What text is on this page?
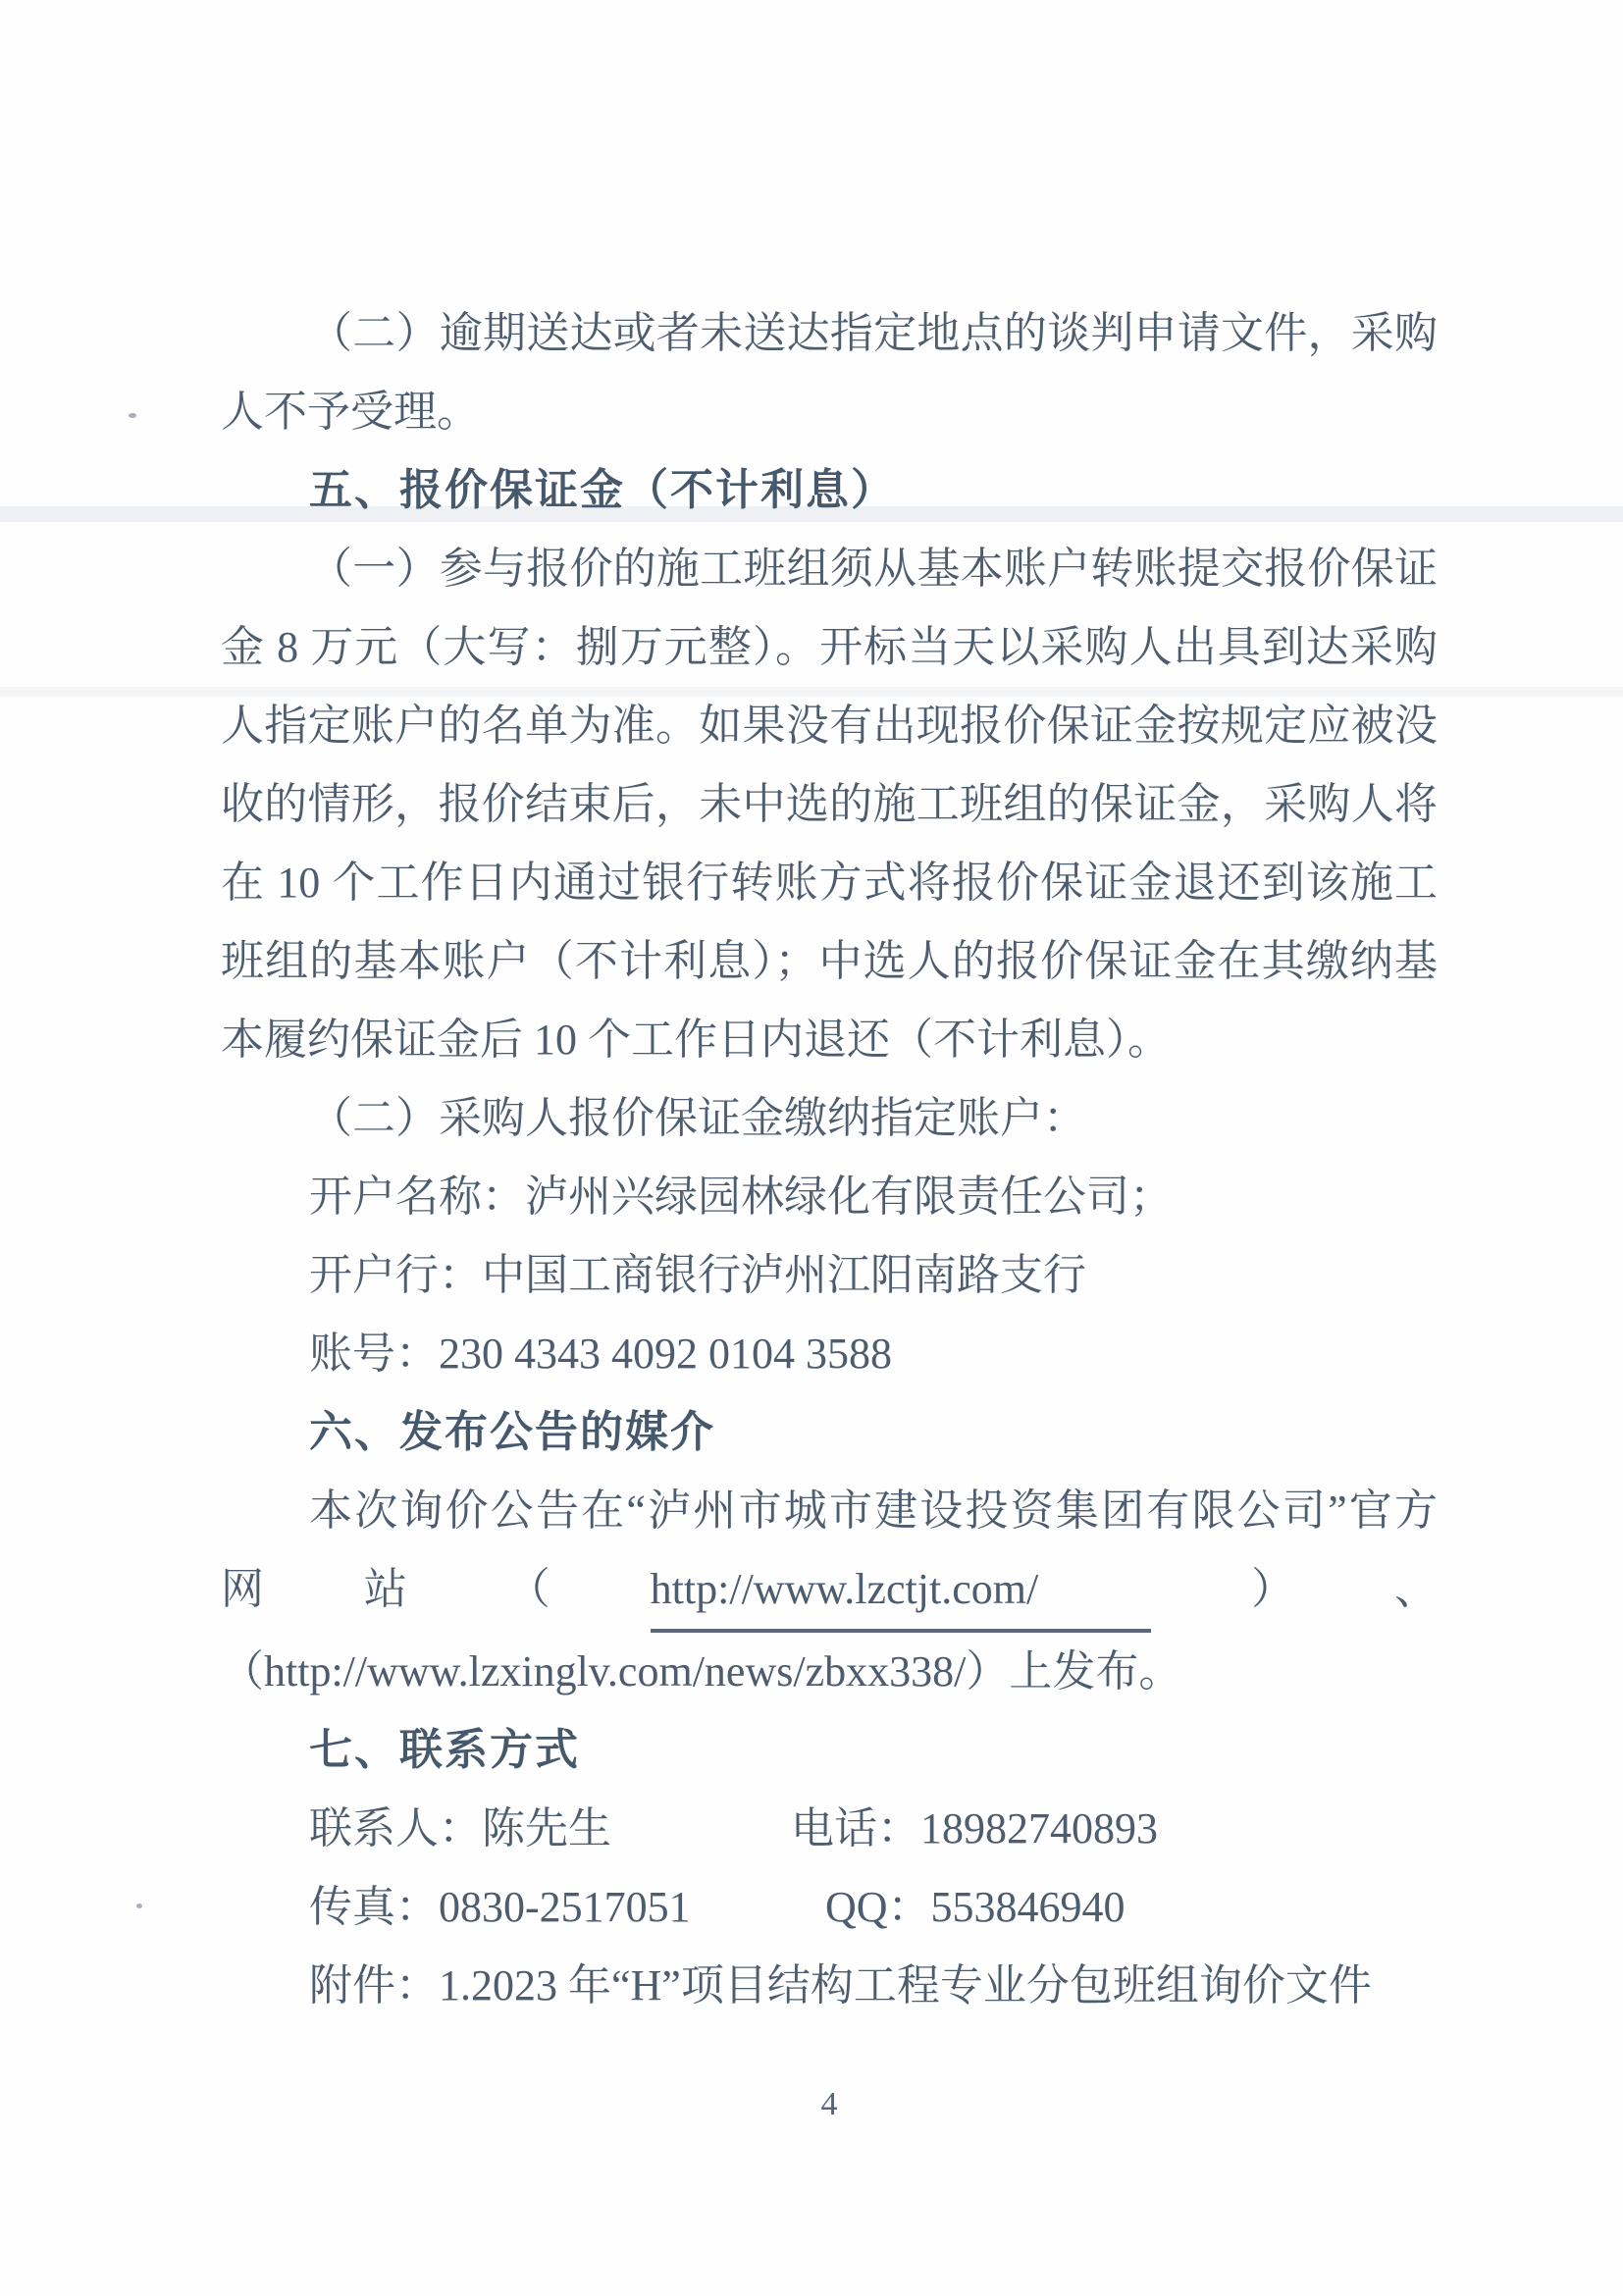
（二）逾期送达或者未送达指定地点的谈判申请文件，采购
人不予受理。
五、报价保证金（不计利息）
（一）参与报价的施工班组须从基本账户转账提交报价保证
金 8 万元（大写：捌万元整）。开标当天以采购人出具到达采购
人指定账户的名单为准。如果没有出现报价保证金按规定应被没
收的情形，报价结束后，未中选的施工班组的保证金，采购人将
在 10 个工作日内通过银行转账方式将报价保证金退还到该施工
班组的基本账户（不计利息）；中选人的报价保证金在其缴纳基
本履约保证金后 10 个工作日内退还（不计利息）。
（二）采购人报价保证金缴纳指定账户：
开户名称：泸州兴绿园林绿化有限责任公司；
开户行：中国工商银行泸州江阳南路支行
账号：230 4343 4092 0104 3588
六、发布公告的媒介
本次询价公告在“泸州市城市建设投资集团有限公司”官方
网 站 （ http://www.lzctjt.com/	） 、
（http://www.lzxinglv.com/news/zbxx338/）上发布。
七、联系方式
联系人：陈先生	电话：18982740893
传真：0830-2517051	QQ：553846940
附件：1.2023 年“H”项目结构工程专业分包班组询价文件
4
